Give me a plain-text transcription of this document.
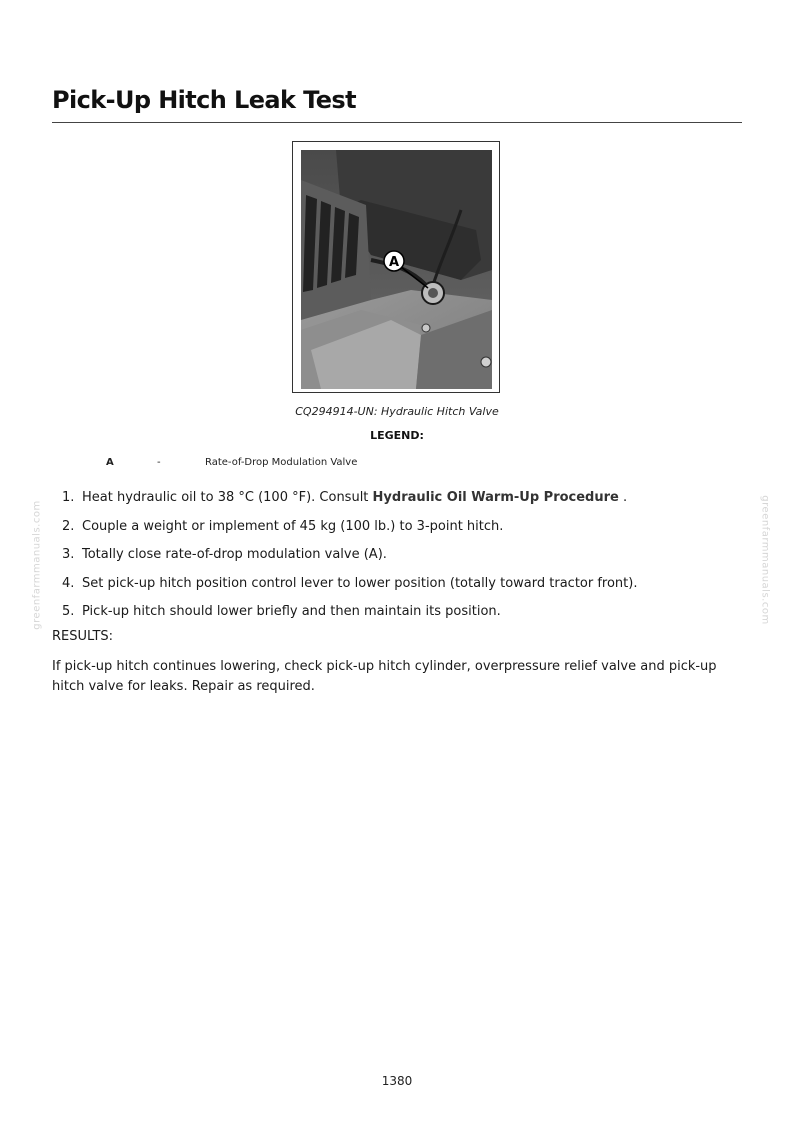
Pick-Up Hitch Leak Test
A
CQ294914-UN: Hydraulic Hitch Valve
LEGEND:
A	-	Rate-of-Drop Modulation Valve
1. Heat hydraulic oil to 38 °C (100 °F). Consult Hydraulic Oil Warm-Up Procedure .
2. Couple a weight or implement of 45 kg (100 lb.) to 3-point hitch.
3. Totally close rate-of-drop modulation valve (A).
4. Set pick-up hitch position control lever to lower position (totally toward tractor front).
5. Pick-up hitch should lower briefly and then maintain its position.
RESULTS:
If pick-up hitch continues lowering, check pick-up hitch cylinder, overpressure relief valve and pick-up hitch valve for leaks. Repair as required.
greenfarmmanuals.com	greenfarmmanuals.com
1380
